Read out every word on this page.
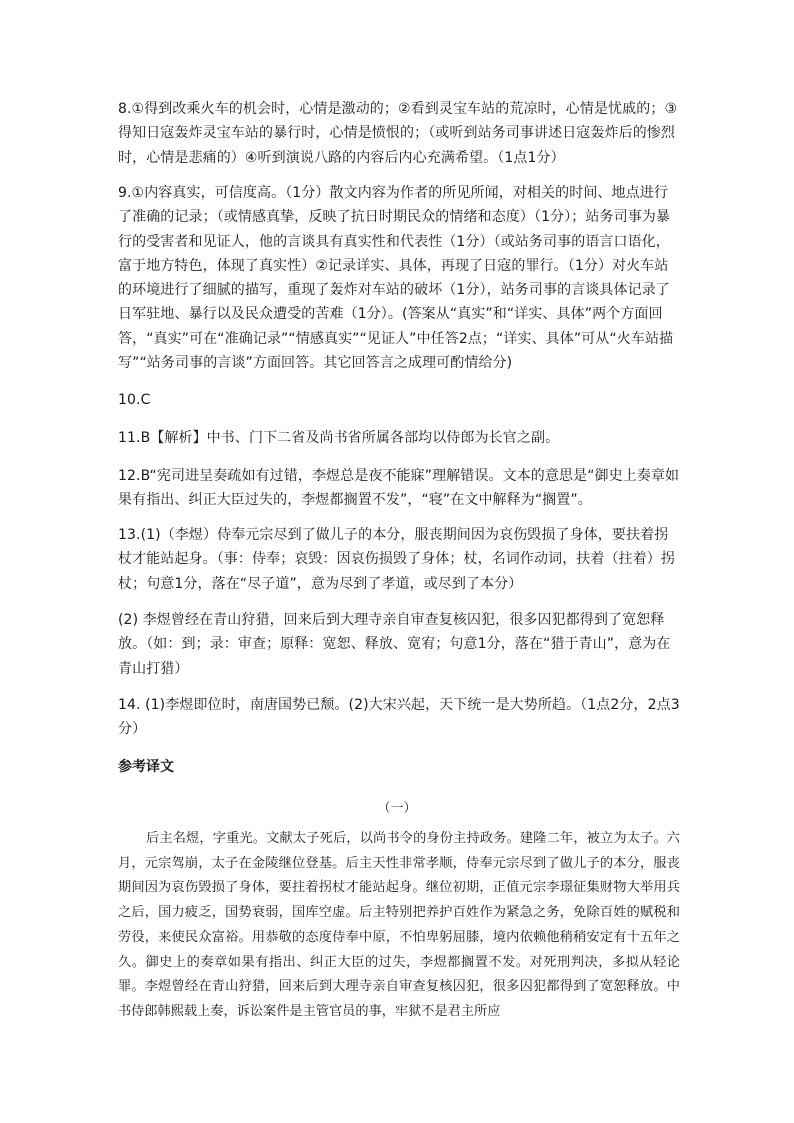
8.①得到改乘火车的机会时，心情是激动的；②看到灵宝车站的荒凉时，心情是忧戚的；③得知日寇轰炸灵宝车站的暴行时，心情是愤恨的；（或听到站务司事讲述日寇轰炸后的惨烈时，心情是悲痛的）④听到演说八路的内容后内心充满希望。（1点1分）

9.①内容真实，可信度高。（1分）散文内容为作者的所见所闻，对相关的时间、地点进行了准确的记录；（或情感真挚，反映了抗日时期民众的情绪和态度）（1分）；站务司事为暴行的受害者和见证人，他的言谈具有真实性和代表性（1分）（或站务司事的语言口语化，富于地方特色，体现了真实性）②记录详实、具体，再现了日寇的罪行。（1分）对火车站的环境进行了细腻的描写，重现了轰炸对车站的破坏（1分），站务司事的言谈具体记录了日军驻地、暴行以及民众遭受的苦难（1分）。(答案从“真实”和“详实、具体”两个方面回答，“真实”可在“准确记录”“情感真实”“见证人”中任答2点；“详实、具体”可从“火车站描写”“站务司事的言谈”方面回答。其它回答言之成理可酌情给分)

10.C

11.B【解析】中书、门下二省及尚书省所属各部均以侍郎为长官之副。

12.B“宪司进呈奏疏如有过错，李煜总是夜不能寐”理解错误。文本的意思是“御史上奏章如果有指出、纠正大臣过失的，李煜都搁置不发”，“寝”在文中解释为“搁置”。

13.(1)（李煜）侍奉元宗尽到了做儿子的本分，服丧期间因为哀伤毁损了身体，要扶着拐杖才能站起身。（事：侍奉；哀毁：因哀伤损毁了身体；杖，名词作动词，扶着（拄着）拐杖；句意1分，落在“尽子道”，意为尽到了孝道，或尽到了本分）

(2) 李煜曾经在青山狩猎，回来后到大理寺亲自审查复核囚犯，很多囚犯都得到了宽恕释放。（如：到；录：审查；原释：宽恕、释放、宽宥；句意1分，落在“猎于青山”，意为在青山打猎）

14. (1)李煜即位时，南唐国势已颓。(2)大宋兴起，天下统一是大势所趋。（1点2分，2点3分）

参考译文

（一）

后主名煜，字重光。文献太子死后，以尚书令的身份主持政务。建隆二年，被立为太子。六月，元宗驾崩，太子在金陵继位登基。后主天性非常孝顺，侍奉元宗尽到了做儿子的本分，服丧期间因为哀伤毁损了身体，要拄着拐杖才能站起身。继位初期，正值元宗李璟征集财物大举用兵之后，国力疲乏，国势衰弱，国库空虚。后主特别把养护百姓作为紧急之务，免除百姓的赋税和劳役，来使民众富裕。用恭敬的态度侍奉中原，不怕卑躬屈膝，境内依赖他稍稍安定有十五年之久。御史上的奏章如果有指出、纠正大臣的过失，李煜都搁置不发。对死刑判决，多拟从轻论罪。李煜曾经在青山狩猎，回来后到大理寺亲自审查复核囚犯，很多囚犯都得到了宽恕释放。中书侍郎韩熙载上奏，诉讼案件是主管官员的事，牢狱不是君主所应
